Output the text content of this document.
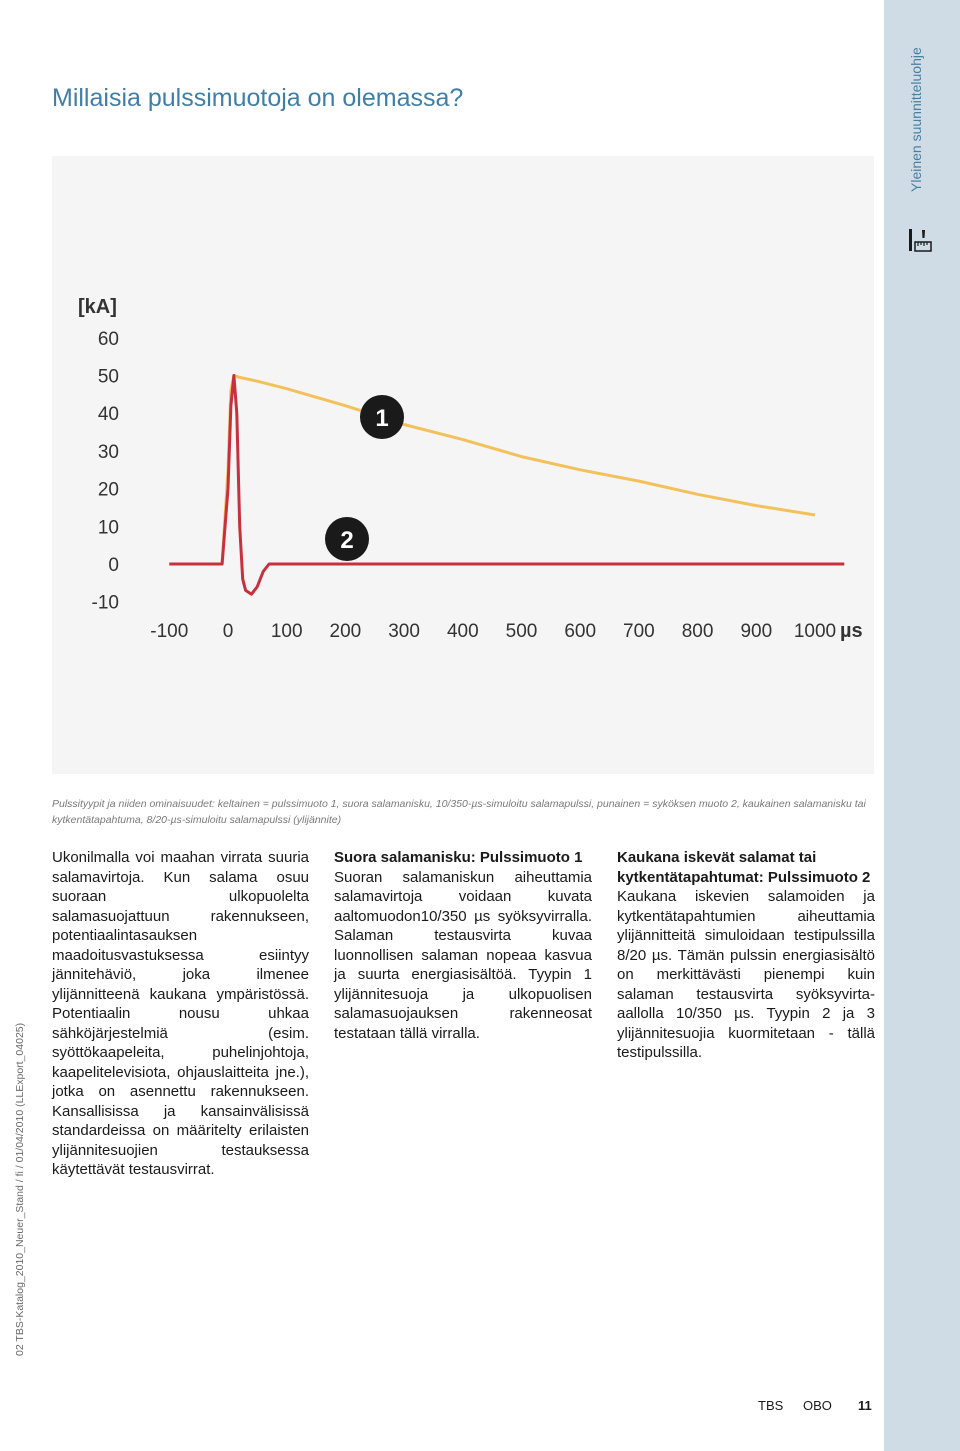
Yleinen suunnitteluohje
02 TBS-Katalog_2010_Neuer_Stand / fi / 01/04/2010 (LLExport_04025)
Millaisia pulssimuotoja on olemassa?
[kA]
µs
60
50
40
30
20
10
0
-10
-100 0 100 200 300 400 500 600 700 800 900 1000
1
2
Pulssityypit ja niiden ominaisuudet: keltainen = pulssimuoto 1, suora salamanisku, 10/350-µs-simuloitu salamapulssi, punainen = syköksen muoto 2, kaukainen salamanisku tai kytkentätapahtuma, 8/20-µs-simuloitu salamapulssi (ylijännite)

Ukonilmalla voi maahan virrata suuria salamavirtoja. Kun salama osuu suoraan ulkopuolelta salamasuojattuun rakennukseen, potentiaalintasauksen maadoitusvastuksessa esiintyy jännitehäviö, joka ilmenee ylijännitteenä kaukana ympäristössä. Potentiaalin nousu uhkaa sähköjärjestelmiä (esim. syöttökaapeleita, puhelinjohtoja, kaapelitelevisiota, ohjauslaitteita jne.), jotka on asennettu rakennukseen. Kansallisissa ja kansainvälisissä standardeissa on määritelty erilaisten ylijännitesuojien testauksessa käytettävät testausvirrat.

Suora salamanisku: Pulssimuoto 1

Suoran salamaniskun aiheuttamia salamavirtoja voidaan kuvata aaltomuodon10/350 µs syöksyvirralla. Salaman testausvirta kuvaa luonnollisen salaman nopeaa kasvua ja suurta energiasisältöä. Tyypin 1 ylijännitesuoja ja ulkopuolisen salamasuojauksen rakenneosat testataan tällä virralla.

Kaukana iskevät salamat tai kytkentätapahtumat: Pulssimuoto 2

Kaukana iskevien salamoiden ja kytkentätapahtumien aiheuttamia ylijännitteitä simuloidaan testipulssilla 8/20 µs. Tämän pulssin energiasisältö on merkittävästi pienempi kuin salaman testausvirta syöksyvirta-aallolla 10/350 µs. Tyypin 2 ja 3 ylijännitesuojia kuormitetaan - tällä testipulssilla.

TBS OBO 11
